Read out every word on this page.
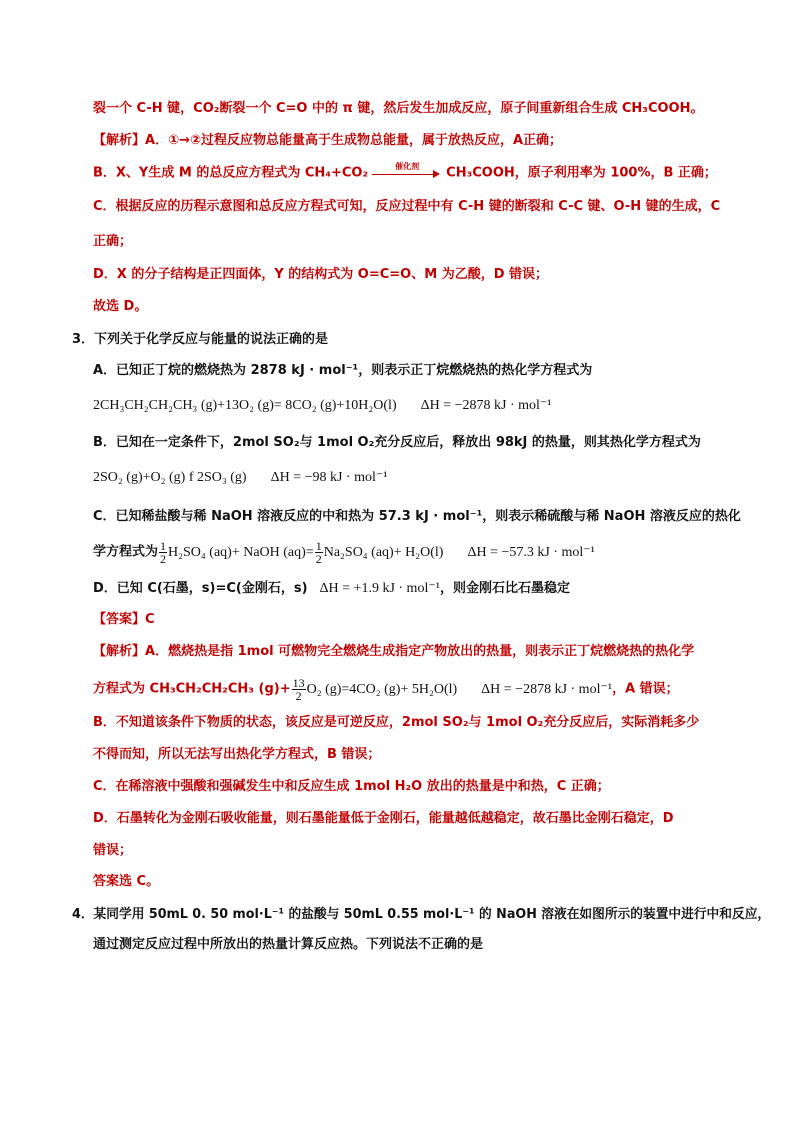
裂一个 C-H 键，CO₂断裂一个 C=O 中的 π 键，然后发生加成反应，原子间重新组合生成 CH₃COOH。
【解析】A．①→②过程反应物总能量高于生成物总能量，属于放热反应，A正确；
B．X、Y生成 M 的总反应方程式为 CH₄+CO₂	催化剂	CH₃COOH，原子利用率为 100%，B 正确；
C．根据反应的历程示意图和总反应方程式可知，反应过程中有 C-H 键的断裂和 C-C 键、O-H 键的生成，C
正确；
D．X 的分子结构是正四面体，Y 的结构式为 O=C=O、M 为乙酸，D 错误；
故选 D。
3．下列关于化学反应与能量的说法正确的是
A．已知正丁烷的燃烧热为 2878 kJ · mol⁻¹，则表示正丁烷燃烧热的热化学方程式为
2CH₃CH₂CH₂CH₃ (g)+13O₂ (g)= 8CO₂ (g)+10H₂O(l) ΔH = −2878 kJ · mol⁻¹
B．已知在一定条件下，2mol SO₂与 1mol O₂充分反应后，释放出 98kJ 的热量，则其热化学方程式为
2SO₂ (g)+O₂ (g) f 2SO₃ (g) ΔH = −98 kJ · mol⁻¹
C．已知稀盐酸与稀 NaOH 溶液反应的中和热为 57.3 kJ · mol⁻¹，则表示稀硫酸与稀 NaOH 溶液反应的热化
学方程式为 $\frac{1}{2} H_2SO_4$ (aq)+ NaOH $(aq)= \frac{1}{2} Na_2SO_4$ (aq)+ H₂O(l) ΔH = −57.3 kJ · mol⁻¹
D．已知 C(石墨，s)=C(金刚石，s) ΔH = +1.9 kJ · mol⁻¹，则金刚石比石墨稳定
【答案】C
【解析】A．燃烧热是指 1mol 可燃物完全燃烧生成指定产物放出的热量，则表示正丁烷燃烧热的热化学
方程式为 CH₃CH₂CH₂CH₃ $(g)+ \frac{13}{2} O_2$ (g)=4CO₂ (g)+ 5H₂O(l) ΔH = −2878 kJ · mol⁻¹，A 错误；
B．不知道该条件下物质的状态，该反应是可逆反应，2mol SO₂与 1mol O₂充分反应后，实际消耗多少
不得而知，所以无法写出热化学方程式，B 错误；
C．在稀溶液中强酸和强碱发生中和反应生成 1mol H₂O 放出的热量是中和热，C 正确；
D．石墨转化为金刚石吸收能量，则石墨能量低于金刚石，能量越低越稳定，故石墨比金刚石稳定，D
错误；
答案选 C。
4．某同学用 50mL 0. 50 mol·L⁻¹ 的盐酸与 50mL 0.55 mol·L⁻¹ 的 NaOH 溶液在如图所示的装置中进行中和反应，
通过测定反应过程中所放出的热量计算反应热。下列说法不正确的是
